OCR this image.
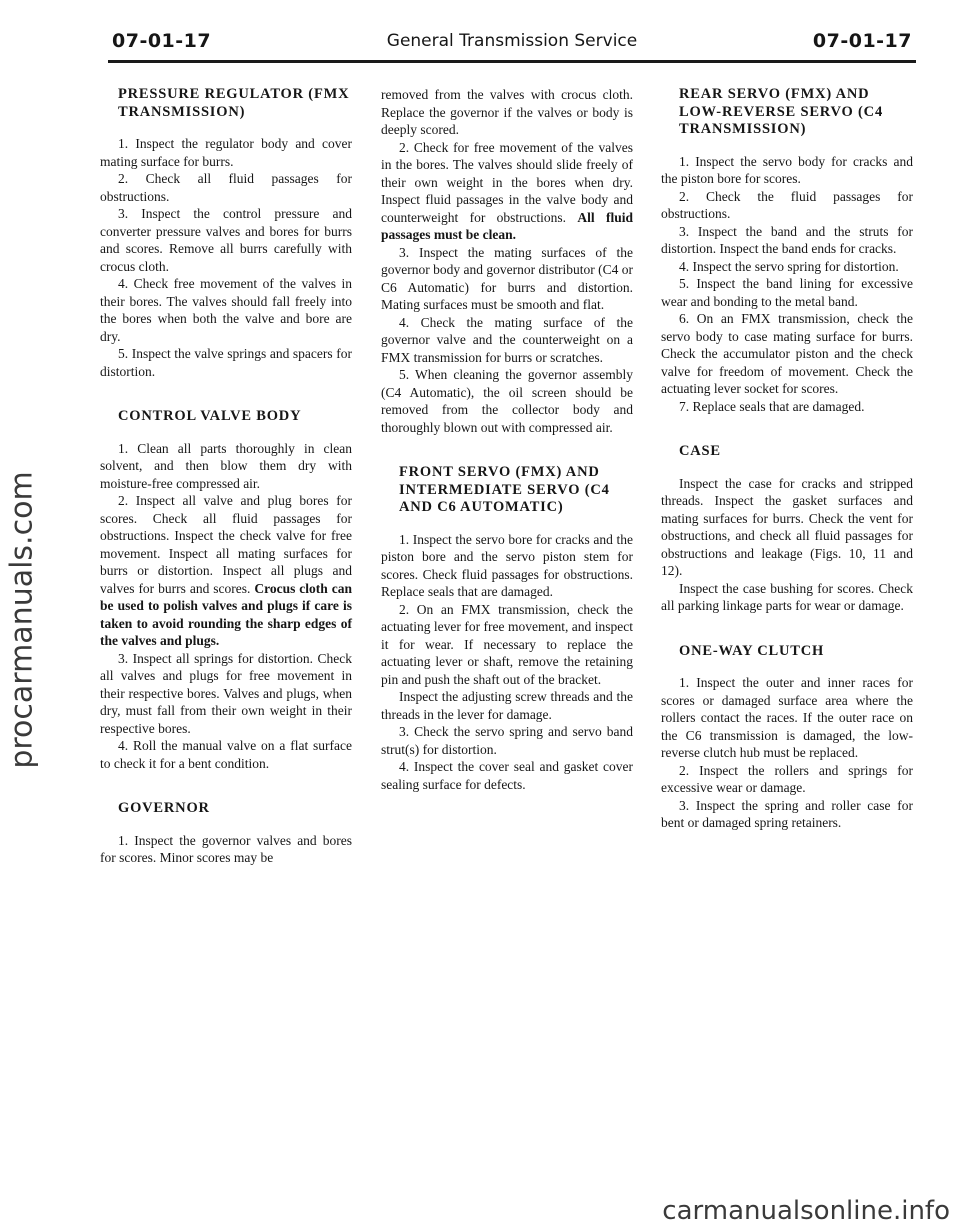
07-01-17	General Transmission Service	07-01-17
PRESSURE REGULATOR (FMX TRANSMISSION)

1. Inspect the regulator body and cover mating surface for burrs.

2. Check all fluid passages for obstructions.

3. Inspect the control pressure and converter pressure valves and bores for burrs and scores. Remove all burrs carefully with crocus cloth.

4. Check free movement of the valves in their bores. The valves should fall freely into the bores when both the valve and bore are dry.

5. Inspect the valve springs and spacers for distortion.

CONTROL VALVE BODY

1. Clean all parts thoroughly in clean solvent, and then blow them dry with moisture-free compressed air.

2. Inspect all valve and plug bores for scores. Check all fluid passages for obstructions. Inspect the check valve for free movement. Inspect all mating surfaces for burrs or distortion. Inspect all plugs and valves for burrs and scores. Crocus cloth can be used to polish valves and plugs if care is taken to avoid rounding the sharp edges of the valves and plugs.

3. Inspect all springs for distortion. Check all valves and plugs for free movement in their respective bores. Valves and plugs, when dry, must fall from their own weight in their respective bores.

4. Roll the manual valve on a flat surface to check it for a bent condition.

GOVERNOR

1. Inspect the governor valves and bores for scores. Minor scores may be

removed from the valves with crocus cloth. Replace the governor if the valves or body is deeply scored.

2. Check for free movement of the valves in the bores. The valves should slide freely of their own weight in the bores when dry. Inspect fluid passages in the valve body and counterweight for obstructions. All fluid passages must be clean.

3. Inspect the mating surfaces of the governor body and governor distributor (C4 or C6 Automatic) for burrs and distortion. Mating surfaces must be smooth and flat.

4. Check the mating surface of the governor valve and the counterweight on a FMX transmission for burrs or scratches.

5. When cleaning the governor assembly (C4 Automatic), the oil screen should be removed from the collector body and thoroughly blown out with compressed air.

FRONT SERVO (FMX) AND INTERMEDIATE SERVO (C4 AND C6 AUTOMATIC)

1. Inspect the servo bore for cracks and the piston bore and the servo piston stem for scores. Check fluid passages for obstructions. Replace seals that are damaged.

2. On an FMX transmission, check the actuating lever for free movement, and inspect it for wear. If necessary to replace the actuating lever or shaft, remove the retaining pin and push the shaft out of the bracket.

Inspect the adjusting screw threads and the threads in the lever for damage.

3. Check the servo spring and servo band strut(s) for distortion.

4. Inspect the cover seal and gasket cover sealing surface for defects.

REAR SERVO (FMX) AND LOW-REVERSE SERVO (C4 TRANSMISSION)

1. Inspect the servo body for cracks and the piston bore for scores.

2. Check the fluid passages for obstructions.

3. Inspect the band and the struts for distortion. Inspect the band ends for cracks.

4. Inspect the servo spring for distortion.

5. Inspect the band lining for excessive wear and bonding to the metal band.

6. On an FMX transmission, check the servo body to case mating surface for burrs. Check the accumulator piston and the check valve for freedom of movement. Check the actuating lever socket for scores.

7. Replace seals that are damaged.

CASE

Inspect the case for cracks and stripped threads. Inspect the gasket surfaces and mating surfaces for burrs. Check the vent for obstructions, and check all fluid passages for obstructions and leakage (Figs. 10, 11 and 12).

Inspect the case bushing for scores. Check all parking linkage parts for wear or damage.

ONE-WAY CLUTCH

1. Inspect the outer and inner races for scores or damaged surface area where the rollers contact the races. If the outer race on the C6 transmission is damaged, the low-reverse clutch hub must be replaced.

2. Inspect the rollers and springs for excessive wear or damage.

3. Inspect the spring and roller case for bent or damaged spring retainers.

procarmanuals.com
carmanualsonline.info
